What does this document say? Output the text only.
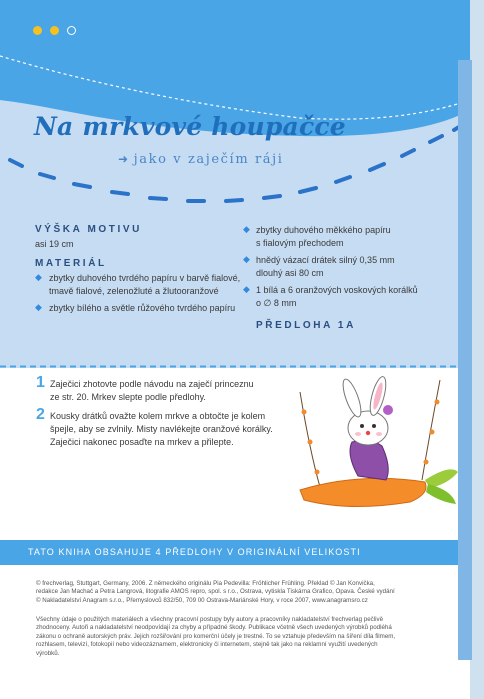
Na mrkvové houpačce
➜ jako v zaječím ráji
VÝŠKA MOTIVU
asi 19 cm
MATERIÁL
◆ zbytky duhového tvrdého papíru v barvě fialové,
tmavě fialové, zelenožluté a žlutooranžové
◆ zbytky bílého a světle růžového tvrdého papíru
◆ zbytky duhového měkkého papíru
s fialovým přechodem
◆ hnědý vázací drátek silný 0,35 mm
dlouhý asi 80 cm
◆ 1 bílá a 6 oranžových voskových korálků
o ∅ 8 mm
PŘEDLOHA 1A
1 Zaječici zhotovte podle návodu na zaječí princeznu
ze str. 20. Mrkev slepte podle předlohy.
2 Kousky drátků ovažte kolem mrkve a obtočte je kolem
špejle, aby se zvlnily. Misty navlékejte oranžové korálky.
Zaječici nakonec posaďte na mrkev a přilepte.
TATO KNIHA OBSAHUJE 4 PŘEDLOHY V ORIGINÁLNÍ VELIKOSTI
© frechverlag, Stuttgart, Germany, 2006. Z německého originálu Pia Pedevilla: Fröhlicher Frühling. Překlad © Jan Konvička,
redakce Jan Machač a Petra Langrová, litografie AMOS repro, spol. s r.o., Ostrava, vytiskla Tiskárna Grafico, Opava. České vydání
© Nakladatelství Anagram s.r.o., Přemyslovců 832/50, 709 00 Ostrava-Mariánské Hory, v roce 2007, www.anagramsro.cz
Všechny údaje o použitých materiálech a všechny pracovní postupy byly autory a pracovníky nakladatelství frechverlag pečlivě
zhodnoceny. Autoři a nakladatelství neodpovídají za chyby a případné škody. Publikace včetně všech uvedených výrobků podléhá
zákonu o ochraně autorských práv. Jejich rozšiřování pro komerční účely je trestné. To se vztahuje především na šíření díla filmem,
rozhlasem, televizí, fotokopií nebo videozáznamem, elektronicky či internetem, stejně tak jako na reklamní využití uvedených
výrobků.
